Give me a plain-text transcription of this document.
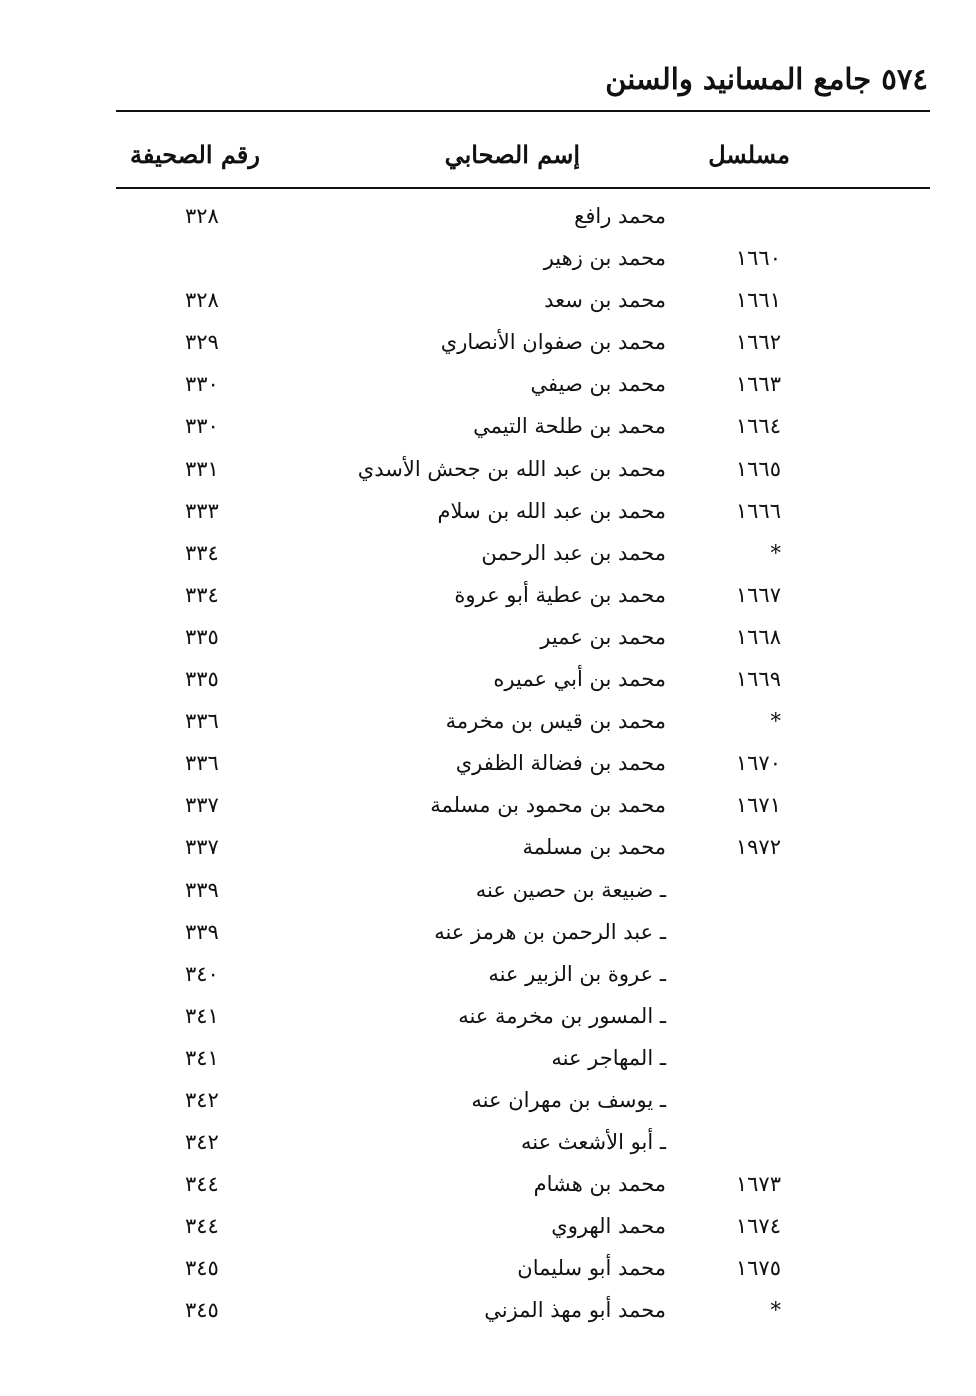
٥٧٤ جامع المسانيد والسنن
مسلسل
إسم الصحابي
رقم الصحيفة
محمد رافع
٣٢٨
١٦٦٠
محمد بن زهير
١٦٦١
محمد بن سعد
٣٢٨
١٦٦٢
محمد بن صفوان الأنصاري
٣٢٩
١٦٦٣
محمد بن صيفي
٣٣٠
١٦٦٤
محمد بن طلحة التيمي
٣٣٠
١٦٦٥
محمد بن عبد الله بن جحش الأسدي
٣٣١
١٦٦٦
محمد بن عبد الله بن سلام
٣٣٣
*
محمد بن عبد الرحمن
٣٣٤
١٦٦٧
محمد بن عطية أبو عروة
٣٣٤
١٦٦٨
محمد بن عمير
٣٣٥
١٦٦٩
محمد بن أبي عميره
٣٣٥
*
محمد بن قيس بن مخرمة
٣٣٦
١٦٧٠
محمد بن فضالة الظفري
٣٣٦
١٦٧١
محمد بن محمود بن مسلمة
٣٣٧
١٩٧٢
محمد بن مسلمة
٣٣٧
ـ ضبيعة بن حصين عنه
٣٣٩
ـ عبد الرحمن بن هرمز عنه
٣٣٩
ـ عروة بن الزبير عنه
٣٤٠
ـ المسور بن مخرمة عنه
٣٤١
ـ المهاجر عنه
٣٤١
ـ يوسف بن مهران عنه
٣٤٢
ـ أبو الأشعث عنه
٣٤٢
١٦٧٣
محمد بن هشام
٣٤٤
١٦٧٤
محمد الهروي
٣٤٤
١٦٧٥
محمد أبو سليمان
٣٤٥
*
محمد أبو مهذ المزني
٣٤٥
